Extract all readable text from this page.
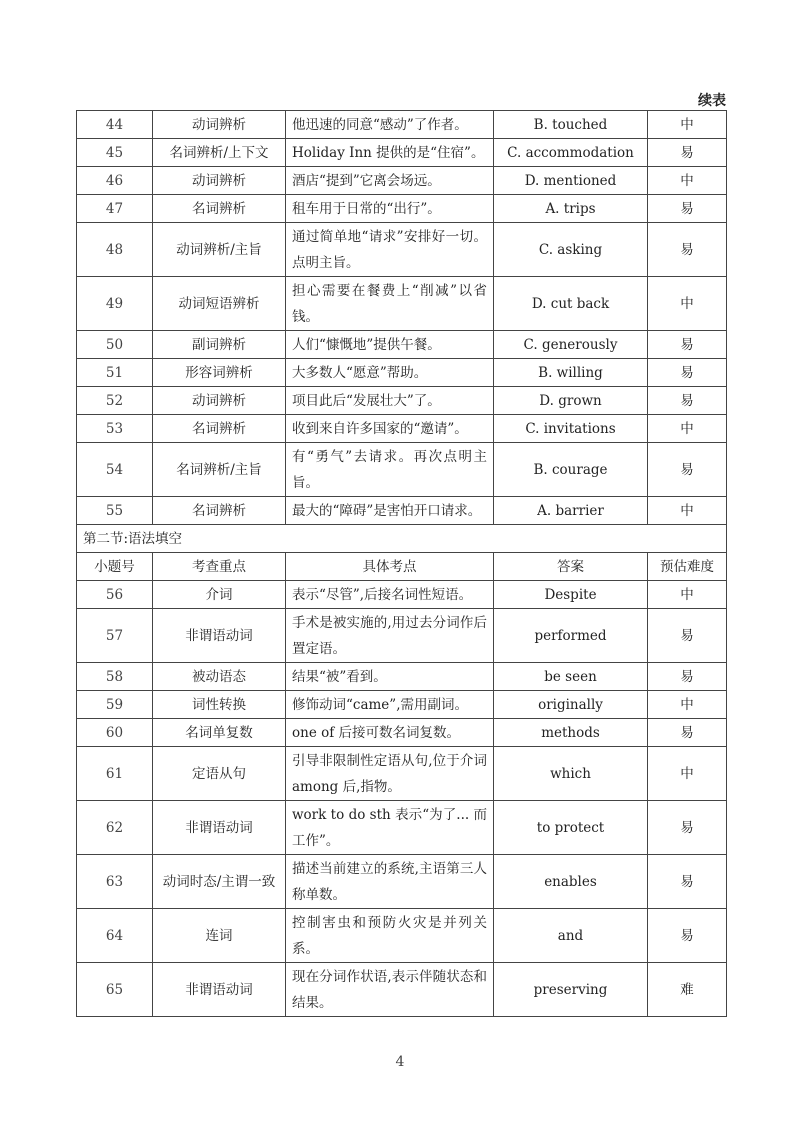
续表
44	动词辨析	他迅速的同意“感动”了作者。	B. touched	中
45	名词辨析/上下文	Holiday Inn 提供的是“住宿”。	C. accommodation	易
46	动词辨析	酒店“提到”它离会场远。	D. mentioned	中
47	名词辨析	租车用于日常的“出行”。	A. trips	易
48	动词辨析/主旨	通过简单地“请求”安排好一切。点明主旨。	C. asking	易
49	动词短语辨析	担心需要在餐费上“削减”以省钱。	D. cut back	中
50	副词辨析	人们“慷慨地”提供午餐。	C. generously	易
51	形容词辨析	大多数人“愿意”帮助。	B. willing	易
52	动词辨析	项目此后“发展壮大”了。	D. grown	易
53	名词辨析	收到来自许多国家的“邀请”。	C. invitations	中
54	名词辨析/主旨	有“勇气”去请求。再次点明主旨。	B. courage	易
55	名词辨析	最大的“障碍”是害怕开口请求。	A. barrier	中
第二节:语法填空				
小题号	考查重点	具体考点	答案	预估难度
56	介词	表示“尽管”,后接名词性短语。	Despite	中
57	非谓语动词	手术是被实施的,用过去分词作后置定语。	performed	易
58	被动语态	结果“被”看到。	be seen	易
59	词性转换	修饰动词“came”,需用副词。	originally	中
60	名词单复数	one of 后接可数名词复数。	methods	易
61	定语从句	引导非限制性定语从句,位于介词 among 后,指物。	which	中
62	非谓语动词	work to do sth 表示“为了... 而工作”。	to protect	易
63	动词时态/主谓一致	描述当前建立的系统,主语第三人称单数。	enables	易
64	连词	控制害虫和预防火灾是并列关系。	and	易
65	非谓语动词	现在分词作状语,表示伴随状态和结果。	preserving	难
4
